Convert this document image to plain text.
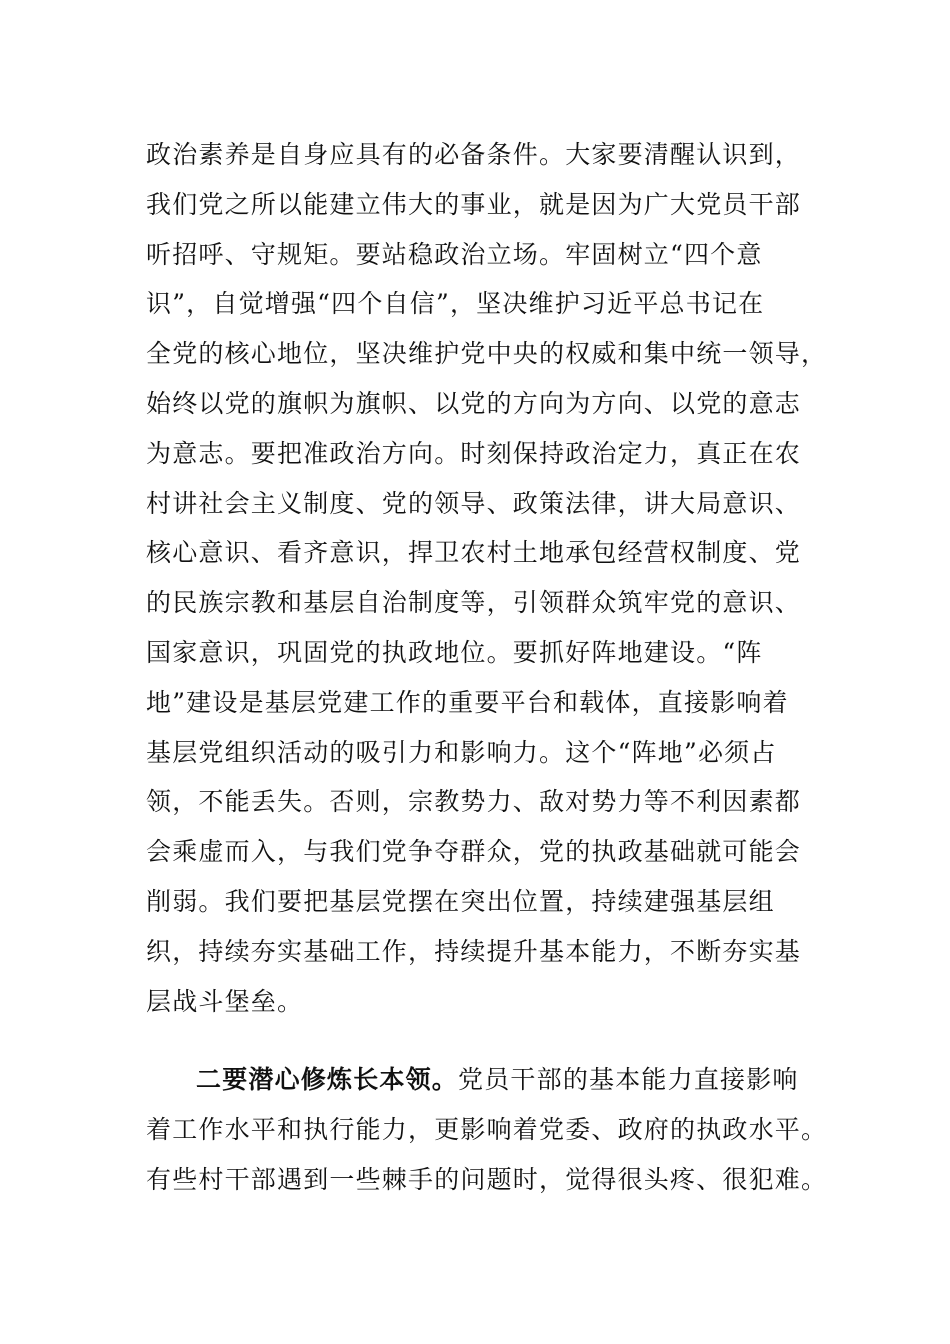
政治素养是自身应具有的必备条件。大家要清醒认识到，
我们党之所以能建立伟大的事业，就是因为广大党员干部
听招呼、守规矩。要站稳政治立场。牢固树立“四个意
识”，自觉增强“四个自信”，坚决维护习近平总书记在
全党的核心地位，坚决维护党中央的权威和集中统一领导，
始终以党的旗帜为旗帜、以党的方向为方向、以党的意志
为意志。要把准政治方向。时刻保持政治定力，真正在农
村讲社会主义制度、党的领导、政策法律，讲大局意识、
核心意识、看齐意识，捍卫农村土地承包经营权制度、党
的民族宗教和基层自治制度等，引领群众筑牢党的意识、
国家意识，巩固党的执政地位。要抓好阵地建设。“阵
地”建设是基层党建工作的重要平台和载体，直接影响着
基层党组织活动的吸引力和影响力。这个“阵地”必须占
领，不能丢失。否则，宗教势力、敌对势力等不利因素都
会乘虚而入，与我们党争夺群众，党的执政基础就可能会
削弱。我们要把基层党摆在突出位置，持续建强基层组
织，持续夯实基础工作，持续提升基本能力，不断夯实基
层战斗堡垒。
二要潜心修炼长本领。党员干部的基本能力直接影响
着工作水平和执行能力，更影响着党委、政府的执政水平。
有些村干部遇到一些棘手的问题时，觉得很头疼、很犯难。
